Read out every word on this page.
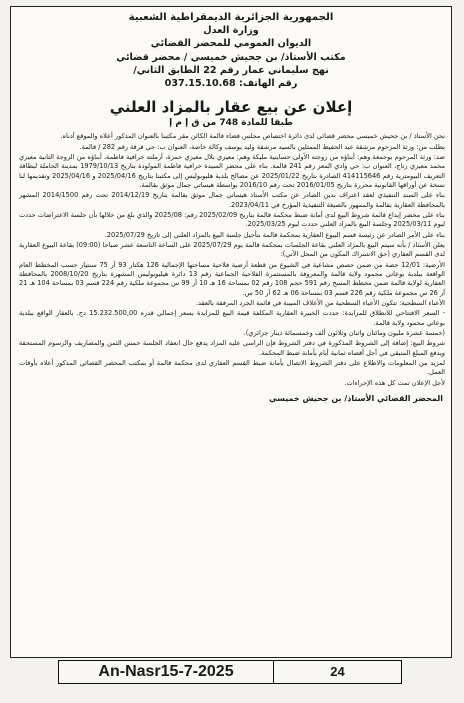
الجمهورية الجزائرية الديمقراطية الشعبية
وزارة العدل
الديوان العمومي للمحضر القضائي
مكتب الأستاذ/ بن جحيش خميسي / محضر قضائي
نهج سليماني عمار رقم 22 الطابق الثاني/
رقم الهاتف: 037.15.10.68
إعلان عن بيع عقار بالمزاد العلني
طبقا للمادة 748 من ق إ م إ

نحن الأستاذ / بن جحيش خميسي محضر قضائي لدى دائرة اختصاص مجلس قضاء قالمة الكائن مقر مكتبنا بالعنوان المذكور أعلاه والموقع أدناه.

بطلب من: ورثة المرحوم مرشقة عبد الحفيظ الممثلين بالسيد مرشقة وليد يوسف وكالة خاصة، العنوان ب: حي فرقة رقم 282 / قالمة.

ضد: ورثة المرحوم بوجمعة وهم: أبناؤه من زوجته الأولى حساينية مليكة وهم: معيزي بلال معيزي حمزة، أرملته خرافية فاطمة، أبناؤه من الزوجة الثانية معيزي محمد معيزي رتاج، العنوان ب: حي وادي المعز رقم 241 قالمة. بناء على محضر السيدة خرافية فاطمة المولودة بتاريخ 1979/10/13 بمدينة الحاملة لبطاقة التعريف البيومترية رقم 414115646 الصادرة بتاريخ 2025/01/22 عن مصالح بلدية هليوبوليس إلى مكتبنا بتاريخ 2025/04/16 و 2025/04/16 وتقديمها لنا نسخة عن أوراقها القانونية محررة بتاريخ 2016/01/05 تحت رقم 2016/10 بواسطة هيساتي جمال موثق بقالمة.

بناء على السند التنفيذي لعقد اعتراف بدين الصادر عن مكتب الأستاذ هيساتي جمال موثق بقالمة بتاريخ 2014/12/19 تحت رقم 2014/1500 المشهر بالمحافظة العقارية بقالمة والممهور بالصيغة التنفيذية المؤرخ في 2023/04/11.

بناء على محضر إيداع قائمة شروط البيع لدى أمانة ضبط محكمة قالمة بتاريخ 2025/02/09 رقم: 2025/08 والذي بلغ من خلالها بأن جلسة الاعتراضات حددت ليوم 2025/03/11 وجلسة البيع بالمزاد العلني حددت ليوم 2025/03/25.

بناء على الأمر الصادر عن رئيسة قسم البيوع العقارية بمحكمة قالمة بتأجيل جلسة البيع بالمزاد العلني إلى تاريخ 2025/07/29.

يعلن الأستاذ / بأنه سيتم البيع بالمزاد العلني بقاعة الجلسات بمحكمة قالمة يوم 2025/07/29 على الساعة التاسعة عشر صباحا (09:00) بقاعة البيوع العقارية لدى القسم العقاري (حق الاشتراك المكون من المحل الآتي):

الأرضية: 12/01 حصة من ضمن حصص مشاعية في الشيوع من قطعة أرضية فلاحية مساحتها الإجمالية 126 هكتار 93 آر 75 سنتيار حسب المخطط العام الواقعة ببلدية بوعاتي محمود ولاية قالمة والمعروفة بالمستثمرة الفلاحية الجماعية رقم 13 دائرة هيليوبوليس المشهرة بتاريخ 2008/10/20 بالمحافظة العقارية لولاية قالمة ضمن مخطط المسح رقم 591 حجم 108 رقم 02 بمساحة 16 هـ 10 آر 99 س مجموعة ملكية رقم 224 قسم 03 بمساحة 104 هـ 21 آر 26 س مجموعة ملكية رقم 226 قسم 03 بمساحة 06 هـ 62 آر 50 س.

الأعباء السطحية: تتكون الأعباء السطحية من الأعلاف المبينة في قائمة الجرد المرفقة بالعقد.

- السعر الافتتاحي للانطلاق للمزايدة: حددت الخبيرة العقارية المكلفة قيمة البيع للمزايدة بسعر إجمالي قدره 15.232.500,00 دج. بالعقار الواقع ببلدية بوعاتي محمود ولاية قالمة.

(خمسة عشرة مليون ومائتان واثنان وثلاثون ألف وخمسمائة دينار جزائري).

شروط البيع: إضافة إلى الشروط المذكورة في دفتر الشروط فإن الراسي عليه المزاد يدفع حال انعقاد الجلسة خمس الثمن والمصاريف والرسوم المستحقة ويدفع المبلغ المتبقي في أجل أقصاه ثمانية أيام بأمانة ضبط المحكمة.

لمزيد من المعلومات والاطلاع على دفتر الشروط الاتصال بأمانة ضبط القسم العقاري لدى محكمة قالمة أو بمكتب المحضر القضائي المذكور أعلاه بأوقات العمل.

لأجل الإعلان تمت كل هذه الإجراءات.

المحضر القضائي الأستاذ/ بن جحيش خميسي
An-Nasr15-7-2025	24
